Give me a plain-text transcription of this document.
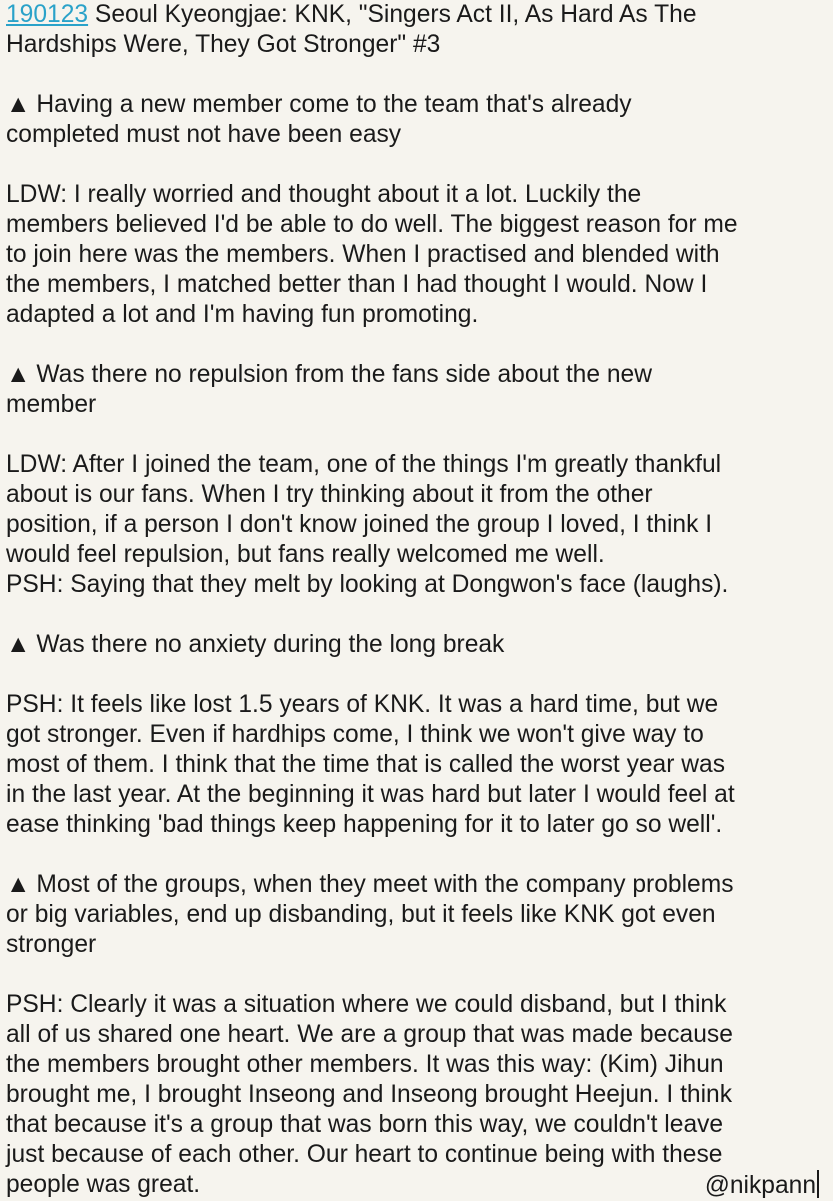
190123 Seoul Kyeongjae: KNK, "Singers Act II, As Hard As The
Hardships Were, They Got Stronger" #3
▲ Having a new member come to the team that's already
completed must not have been easy
LDW: I really worried and thought about it a lot. Luckily the
members believed I'd be able to do well. The biggest reason for me
to join here was the members. When I practised and blended with
the members, I matched better than I had thought I would. Now I
adapted a lot and I'm having fun promoting.
▲ Was there no repulsion from the fans side about the new
member
LDW: After I joined the team, one of the things I'm greatly thankful
about is our fans. When I try thinking about it from the other
position, if a person I don't know joined the group I loved, I think I
would feel repulsion, but fans really welcomed me well.
PSH: Saying that they melt by looking at Dongwon's face (laughs).
▲ Was there no anxiety during the long break
PSH: It feels like lost 1.5 years of KNK. It was a hard time, but we
got stronger. Even if hardhips come, I think we won't give way to
most of them. I think that the time that is called the worst year was
in the last year. At the beginning it was hard but later I would feel at
ease thinking 'bad things keep happening for it to later go so well'.
▲ Most of the groups, when they meet with the company problems
or big variables, end up disbanding, but it feels like KNK got even
stronger
PSH: Clearly it was a situation where we could disband, but I think
all of us shared one heart. We are a group that was made because
the members brought other members. It was this way: (Kim) Jihun
brought me, I brought Inseong and Inseong brought Heejun. I think
that because it's a group that was born this way, we couldn't leave
just because of each other. Our heart to continue being with these
people was great.	@nikpann
